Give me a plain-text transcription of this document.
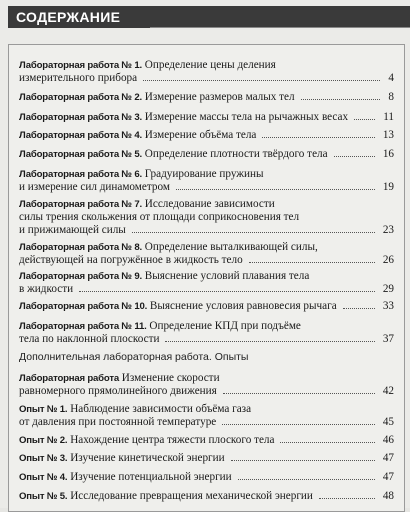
СОДЕРЖАНИЕ
Лабораторная работа № 1. Определение цены деления
измерительного прибора	4
Лабораторная работа № 2. Измерение размеров малых тел	8
Лабораторная работа № 3. Измерение массы тела на рычажных весах	11
Лабораторная работа № 4. Измерение объёма тела	13
Лабораторная работа № 5. Определение плотности твёрдого тела	16
Лабораторная работа № 6. Градуирование пружины
и измерение сил динамометром	19
Лабораторная работа № 7. Исследование зависимости
силы трения скольжения от площади соприкосновения тел
и прижимающей силы	23
Лабораторная работа № 8. Определение выталкивающей силы,
действующей на погружённое в жидкость тело	26
Лабораторная работа № 9. Выяснение условий плавания тела
в жидкости	29
Лабораторная работа № 10. Выяснение условия равновесия рычага	33
Лабораторная работа № 11. Определение КПД при подъёме
тела по наклонной плоскости	37
Дополнительная лабораторная работа. Опыты
Лабораторная работа Изменение скорости
равномерного прямолинейного движения	42
Опыт № 1. Наблюдение зависимости объёма газа
от давления при постоянной температуре	45
Опыт № 2. Нахождение центра тяжести плоского тела	46
Опыт № 3. Изучение кинетической энергии	47
Опыт № 4. Изучение потенциальной энергии	47
Опыт № 5. Исследование превращения механической энергии	48
